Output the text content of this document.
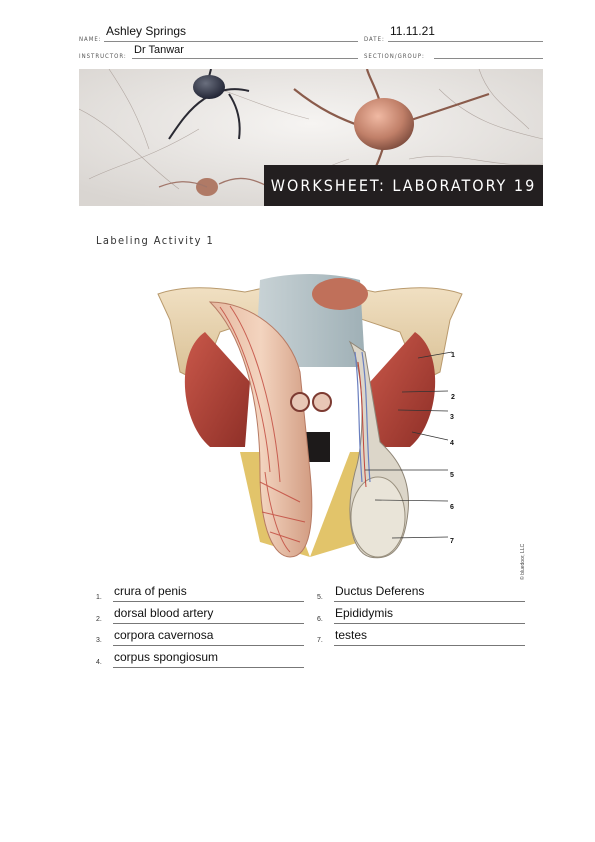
NAME:
Ashley Springs
DATE:
11.11.21
INSTRUCTOR:
Dr Tanwar
SECTION/GROUP:
WORKSHEET: LABORATORY 19
Labeling Activity 1
1
2
3
4
5
6
7
© bluedoor, LLC
1. crura of penis
2. dorsal blood artery
3. corpora cavernosa
4. corpus spongiosum
5. Ductus Deferens
6. Epididymis
7. testes
